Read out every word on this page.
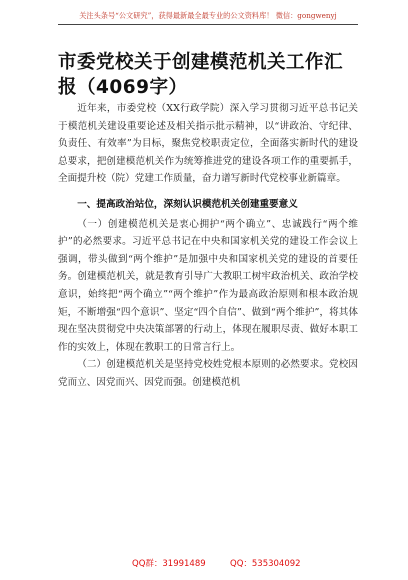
关注头条号“公文研究”，获得最新最全最专业的公文资料库！ 微信：gongwenyj
市委党校关于创建模范机关工作汇报（4069字）

近年来，市委党校（XX行政学院）深入学习贯彻习近平总书记关于模范机关建设重要论述及相关指示批示精神，以“讲政治、守纪律、负责任、有效率”为目标，聚焦党校职责定位，全面落实新时代的建设总要求，把创建模范机关作为统筹推进党的建设各项工作的重要抓手，全面提升校（院）党建工作质量，奋力谱写新时代党校事业新篇章。

一、提高政治站位，深刻认识模范机关创建重要意义

（一）创建模范机关是衷心拥护“两个确立”、忠诚践行“两个维护”的必然要求。习近平总书记在中央和国家机关党的建设工作会议上强调，带头做到“两个维护”是加强中央和国家机关党的建设的首要任务。创建模范机关，就是教育引导广大教职工树牢政治机关、政治学校意识，始终把“两个确立”“两个维护”作为最高政治原则和根本政治规矩，不断增强“四个意识”、坚定“四个自信”、做到“两个维护”，将其体现在坚决贯彻党中央决策部署的行动上，体现在履职尽责、做好本职工作的实效上，体现在教职工的日常言行上。

（二）创建模范机关是坚持党校姓党根本原则的必然要求。党校因党而立、因党而兴、因党而强。创建模范机

QQ群：31991489	QQ：535304092
